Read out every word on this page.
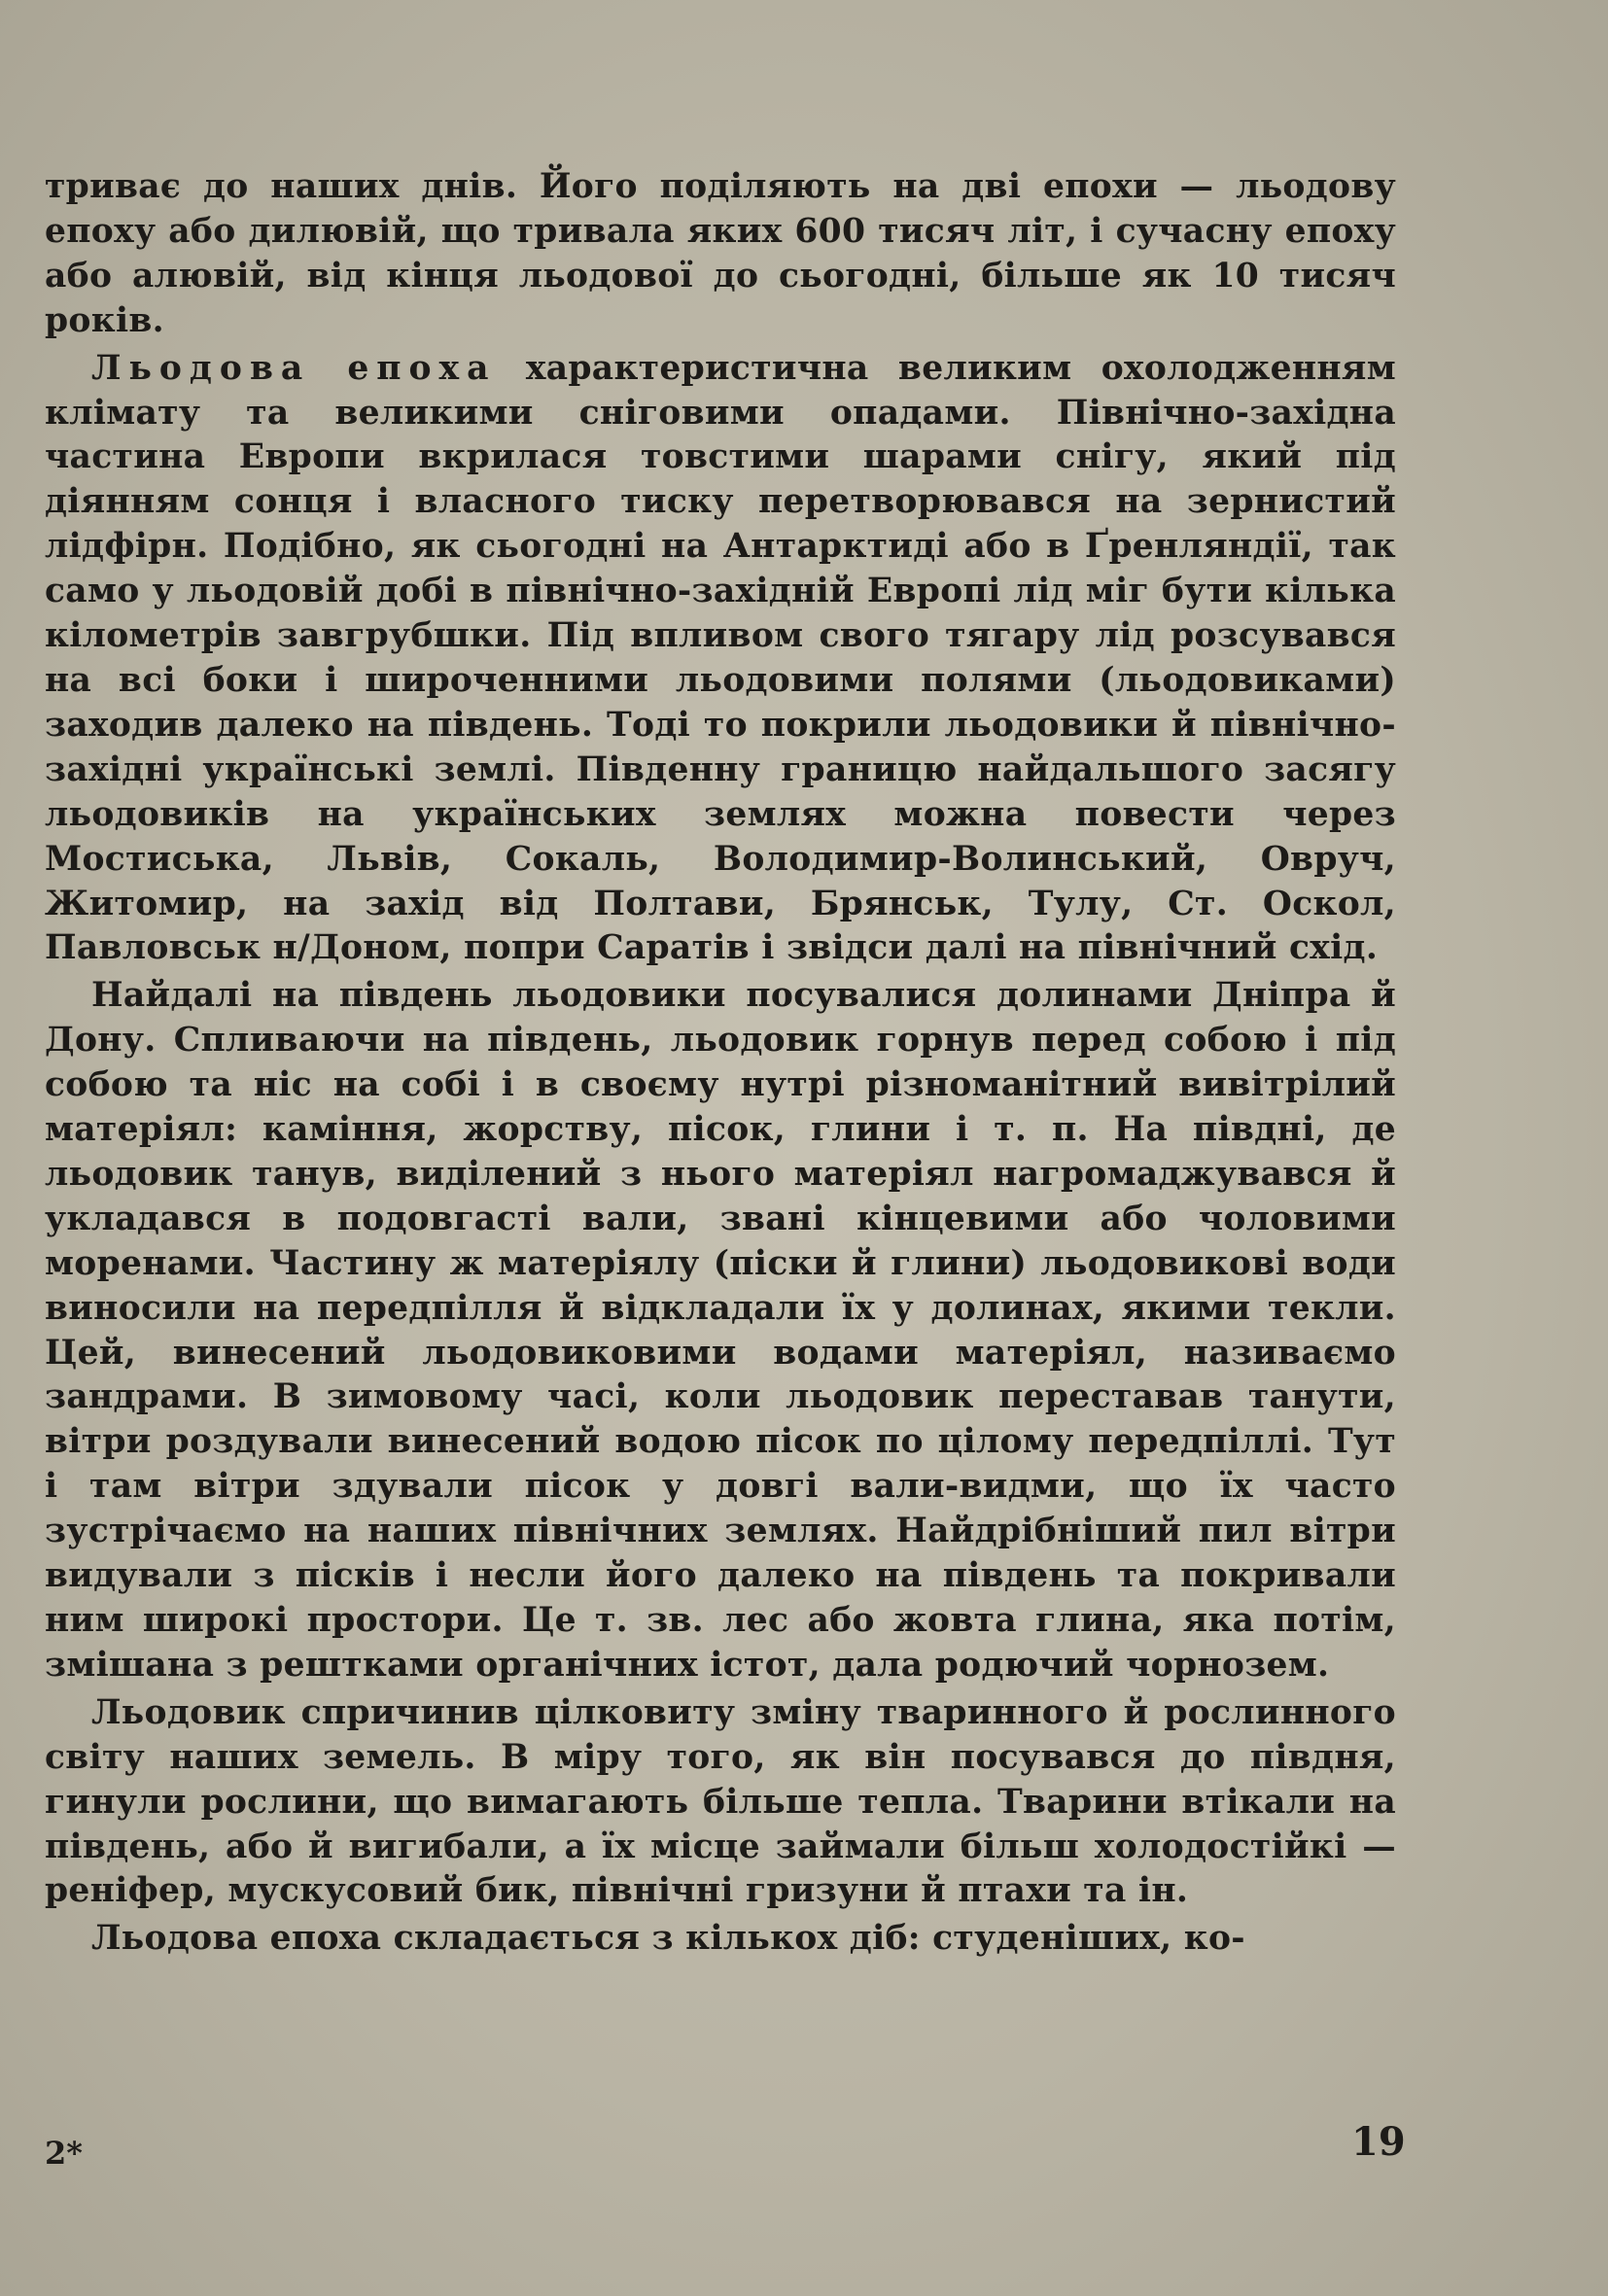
триває до наших днів. Його поділяють на дві епохи — льодову епоху або дилювій, що тривала яких 600 тисяч літ, і сучасну епоху або алювій, від кінця льодової до сьогодні, більше як 10 тисяч років.

Льодова епоха характеристична великим охолодженням клімату та великими сніговими опадами. Північно-західна частина Европи вкрилася товстими шарами снігу, який під діянням сонця і власного тиску перетворювався на зернистий лідфірн. Подібно, як сьогодні на Антарктиді або в Ґренляндії, так само у льодовій добі в північно-західній Европі лід міг бути кілька кілометрів завгрубшки. Під впливом свого тягару лід розсувався на всі боки і широченними льодовими полями (льодовиками) заходив далеко на південь. Тоді то покрили льодовики й північно-західні українські землі. Південну границю найдальшого засягу льодовиків на українських землях можна повести через Мостиська, Львів, Сокаль, Володимир-Волинський, Овруч, Житомир, на захід від Полтави, Брянськ, Тулу, Ст. Оскол, Павловськ н/Доном, попри Саратів і звідси далі на північний схід.

Найдалі на південь льодовики посувалися долинами Дніпра й Дону. Спливаючи на південь, льодовик горнув перед собою і під собою та ніс на собі і в своєму нутрі різноманітний вивітрілий матеріял: каміння, жорству, пісок, глини і т. п. На півдні, де льодовик танув, виділений з нього матеріял нагромаджувався й укладався в подовгасті вали, звані кінцевими або чоловими моренами. Частину ж матеріялу (піски й глини) льодовикові води виносили на передпілля й відкладали їх у долинах, якими текли. Цей, винесений льодовиковими водами матеріял, називаємо зандрами. В зимовому часі, коли льодовик переставав танути, вітри роздували винесений водою пісок по цілому передпіллі. Тут і там вітри здували пісок у довгі вали-видми, що їх часто зустрічаємо на наших північних землях. Найдрібніший пил вітри видували з пісків і несли його далеко на південь та покривали ним широкі простори. Це т. зв. лес або жовта глина, яка потім, змішана з рештками органічних істот, дала родючий чорнозем.

Льодовик спричинив цілковиту зміну тваринного й рослинного світу наших земель. В міру того, як він посувався до півдня, гинули рослини, що вимагають більше тепла. Тварини втікали на південь, або й вигибали, а їх місце займали більш холодостійкі — реніфер, мускусовий бик, північні гризуни й птахи та ін.

Льодова епоха складається з кількох діб: студеніших, ко-

2*	19
